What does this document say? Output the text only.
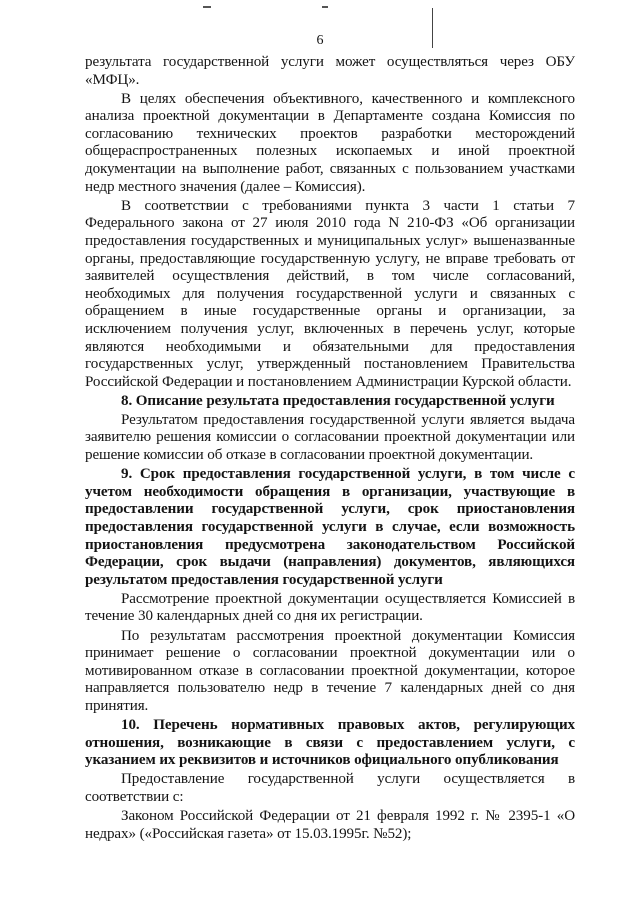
6

результата государственной услуги может осуществляться через ОБУ «МФЦ».

В целях обеспечения объективного, качественного и комплексного анализа проектной документации в Департаменте создана Комиссия по согласованию технических проектов разработки месторождений общераспространенных полезных ископаемых и иной проектной документации на выполнение работ, связанных с пользованием участками недр местного значения (далее – Комиссия).

В соответствии с требованиями пункта 3 части 1 статьи 7 Федерального закона от 27 июля 2010 года N 210-ФЗ «Об организации предоставления государственных и муниципальных услуг» вышеназванные органы, предоставляющие государственную услугу, не вправе требовать от заявителей осуществления действий, в том числе согласований, необходимых для получения государственной услуги и связанных с обращением в иные государственные органы и организации, за исключением получения услуг, включенных в перечень услуг, которые являются необходимыми и обязательными для предоставления государственных услуг, утвержденный постановлением Правительства Российской Федерации и постановлением Администрации Курской области.

8. Описание результата предоставления государственной услуги

Результатом предоставления государственной услуги является выдача заявителю решения комиссии о согласовании проектной документации или решение комиссии об отказе в согласовании проектной документации.

9. Срок предоставления государственной услуги, в том числе с учетом необходимости обращения в организации, участвующие в предоставлении государственной услуги, срок приостановления предоставления государственной услуги в случае, если возможность приостановления предусмотрена законодательством Российской Федерации, срок выдачи (направления) документов, являющихся результатом предоставления государственной услуги

Рассмотрение проектной документации осуществляется Комиссией в течение 30 календарных дней со дня их регистрации.

По результатам рассмотрения проектной документации Комиссия принимает решение о согласовании проектной документации или о мотивированном отказе в согласовании проектной документации, которое направляется пользователю недр в течение 7 календарных дней со дня принятия.

10. Перечень нормативных правовых актов, регулирующих отношения, возникающие в связи с предоставлением услуги, с указанием их реквизитов и источников официального опубликования

Предоставление государственной услуги осуществляется в соответствии с:

Законом Российской Федерации от 21 февраля 1992 г. № 2395-1 «О недрах» («Российская газета» от 15.03.1995г. №52);
